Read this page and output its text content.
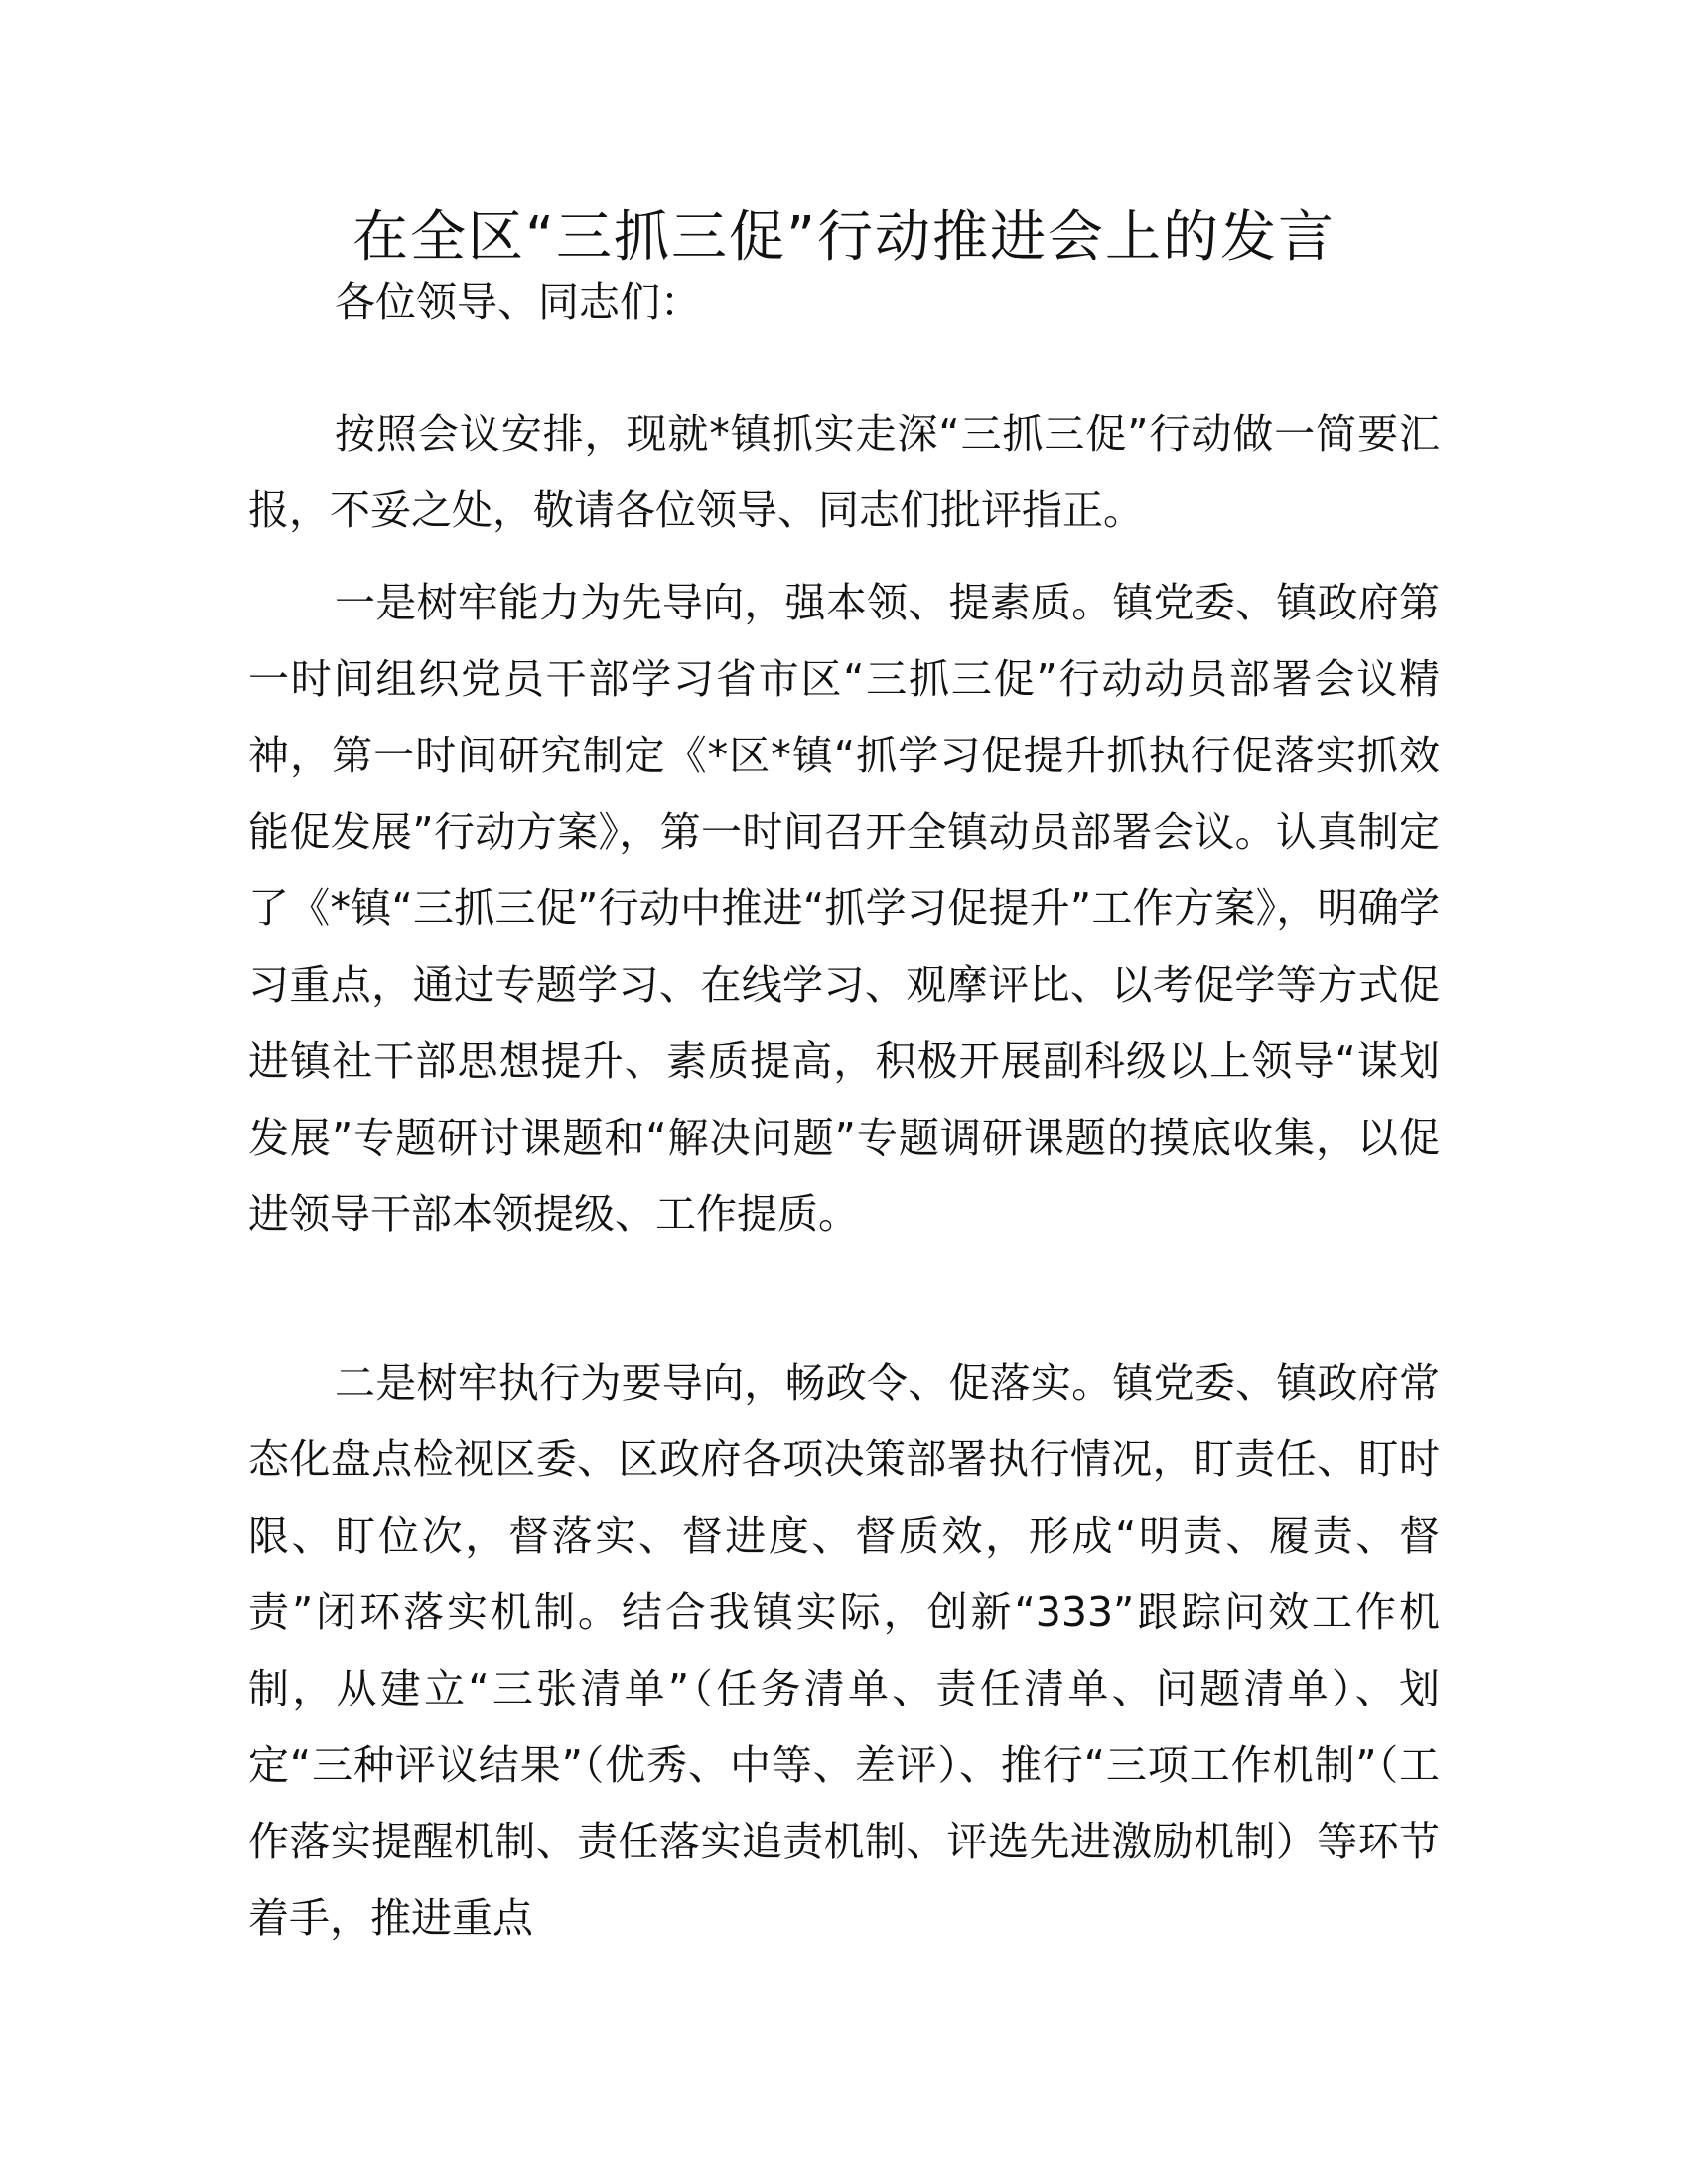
在全区“三抓三促”行动推进会上的发言

各位领导、同志们：

按照会议安排，现就*镇抓实走深“三抓三促”行动做一简要汇报，不妥之处，敬请各位领导、同志们批评指正。

一是树牢能力为先导向，强本领、提素质。镇党委、镇政府第一时间组织党员干部学习省市区“三抓三促”行动动员部署会议精神，第一时间研究制定《*区*镇“抓学习促提升抓执行促落实抓效能促发展”行动方案》，第一时间召开全镇动员部署会议。认真制定了《*镇“三抓三促”行动中推进“抓学习促提升”工作方案》，明确学习重点，通过专题学习、在线学习、观摩评比、以考促学等方式促进镇社干部思想提升、素质提高，积极开展副科级以上领导“谋划发展”专题研讨课题和“解决问题”专题调研课题的摸底收集，以促进领导干部本领提级、工作提质。

二是树牢执行为要导向，畅政令、促落实。镇党委、镇政府常态化盘点检视区委、区政府各项决策部署执行情况，盯责任、盯时限、盯位次，督落实、督进度、督质效，形成“明责、履责、督责”闭环落实机制。结合我镇实际，创新“333”跟踪问效工作机制，从建立“三张清单”（任务清单、责任清单、问题清单）、划定“三种评议结果”（优秀、中等、差评）、推行“三项工作机制”（工作落实提醒机制、责任落实追责机制、评选先进激励机制）等环节着手，推进重点
